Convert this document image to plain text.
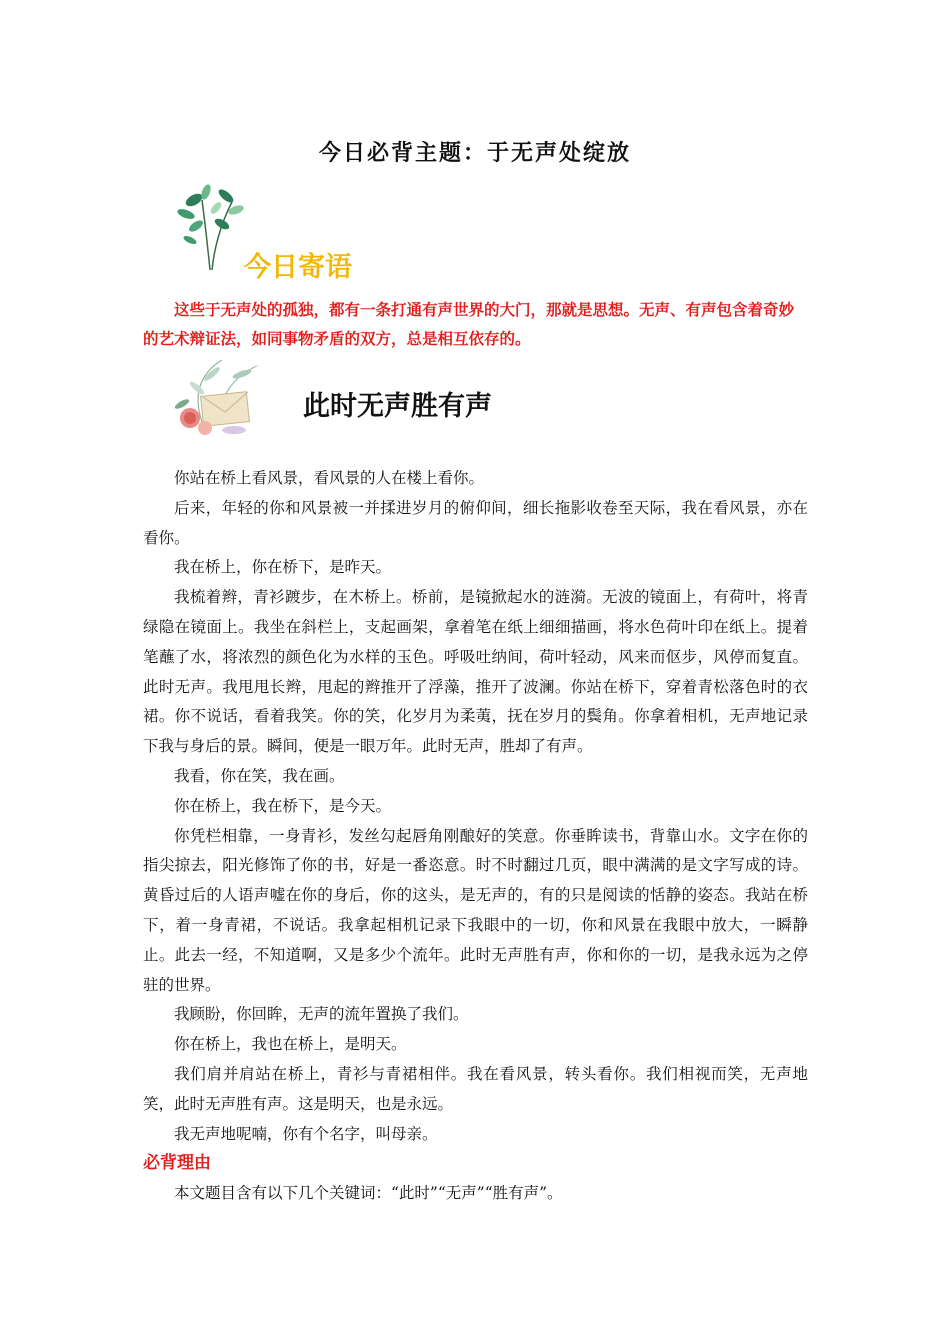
今日必背主题：于无声处绽放
今日寄语
这些于无声处的孤独，都有一条打通有声世界的大门，那就是思想。无声、有声包含着奇妙的艺术辩证法，如同事物矛盾的双方，总是相互依存的。
此时无声胜有声

你站在桥上看风景，看风景的人在楼上看你。

后来，年轻的你和风景被一并揉进岁月的俯仰间，细长拖影收卷至天际，我在看风景，亦在看你。

我在桥上，你在桥下，是昨天。

我梳着辫，青衫踱步，在木桥上。桥前，是镜掀起水的涟漪。无波的镜面上，有荷叶，将青绿隐在镜面上。我坐在斜栏上，支起画架，拿着笔在纸上细细描画，将水色荷叶印在纸上。提着笔蘸了水，将浓烈的颜色化为水样的玉色。呼吸吐纳间，荷叶轻动，风来而伛步，风停而复直。此时无声。我甩甩长辫，甩起的辫推开了浮藻，推开了波澜。你站在桥下，穿着青松落色时的衣裙。你不说话，看着我笑。你的笑，化岁月为柔荑，抚在岁月的鬓角。你拿着相机，无声地记录下我与身后的景。瞬间，便是一眼万年。此时无声，胜却了有声。

我看，你在笑，我在画。

你在桥上，我在桥下，是今天。

你凭栏相靠，一身青衫，发丝勾起唇角刚酿好的笑意。你垂眸读书，背靠山水。文字在你的指尖掠去，阳光修饰了你的书，好是一番恣意。时不时翻过几页，眼中满满的是文字写成的诗。黄昏过后的人语声嘘在你的身后，你的这头，是无声的，有的只是阅读的恬静的姿态。我站在桥下，着一身青裙，不说话。我拿起相机记录下我眼中的一切，你和风景在我眼中放大，一瞬静止。此去一经，不知道啊，又是多少个流年。此时无声胜有声，你和你的一切，是我永远为之停驻的世界。

我顾盼，你回眸，无声的流年置换了我们。

你在桥上，我也在桥上，是明天。

我们肩并肩站在桥上，青衫与青裙相伴。我在看风景，转头看你。我们相视而笑，无声地笑，此时无声胜有声。这是明天，也是永远。

我无声地呢喃，你有个名字，叫母亲。

必背理由

本文题目含有以下几个关键词：“此时”“无声”“胜有声”。
